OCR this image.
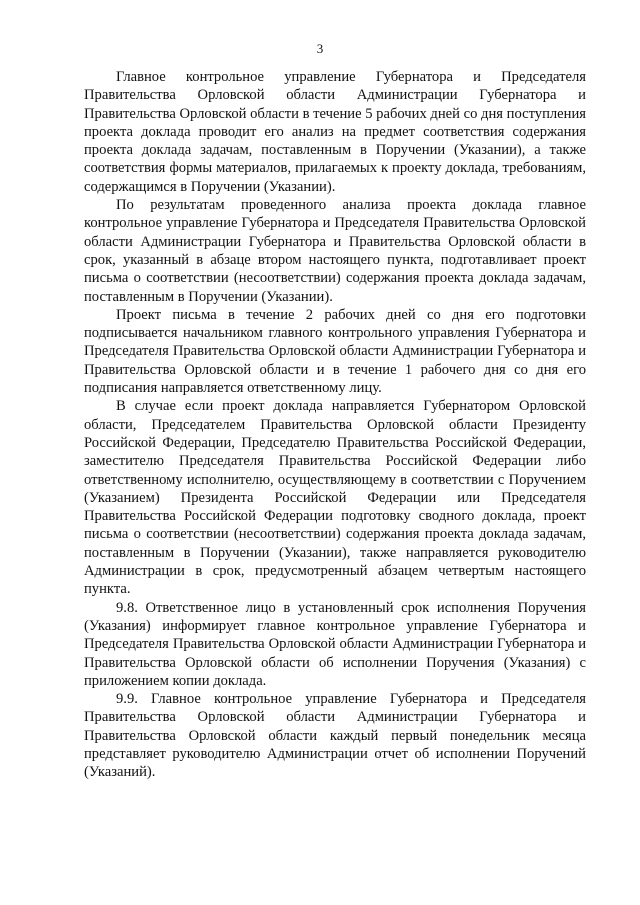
3

Главное контрольное управление Губернатора и Председателя Правительства Орловской области Администрации Губернатора и Правительства Орловской области в течение 5 рабочих дней со дня поступления проекта доклада проводит его анализ на предмет соответствия содержания проекта доклада задачам, поставленным в Поручении (Указании), а также соответствия формы материалов, прилагаемых к проекту доклада, требованиям, содержащимся в Поручении (Указании).

По результатам проведенного анализа проекта доклада главное контрольное управление Губернатора и Председателя Правительства Орловской области Администрации Губернатора и Правительства Орловской области в срок, указанный в абзаце втором настоящего пункта, подготавливает проект письма о соответствии (несоответствии) содержания проекта доклада задачам, поставленным в Поручении (Указании).

Проект письма в течение 2 рабочих дней со дня его подготовки подписывается начальником главного контрольного управления Губернатора и Председателя Правительства Орловской области Администрации Губернатора и Правительства Орловской области и в течение 1 рабочего дня со дня его подписания направляется ответственному лицу.

В случае если проект доклада направляется Губернатором Орловской области, Председателем Правительства Орловской области Президенту Российской Федерации, Председателю Правительства Российской Федерации, заместителю Председателя Правительства Российской Федерации либо ответственному исполнителю, осуществляющему в соответствии с Поручением (Указанием) Президента Российской Федерации или Председателя Правительства Российской Федерации подготовку сводного доклада, проект письма о соответствии (несоответствии) содержания проекта доклада задачам, поставленным в Поручении (Указании), также направляется руководителю Администрации в срок, предусмотренный абзацем четвертым настоящего пункта.

9.8. Ответственное лицо в установленный срок исполнения Поручения (Указания) информирует главное контрольное управление Губернатора и Председателя Правительства Орловской области Администрации Губернатора и Правительства Орловской области об исполнении Поручения (Указания) с приложением копии доклада.

9.9. Главное контрольное управление Губернатора и Председателя Правительства Орловской области Администрации Губернатора и Правительства Орловской области каждый первый понедельник месяца представляет руководителю Администрации отчет об исполнении Поручений (Указаний).
